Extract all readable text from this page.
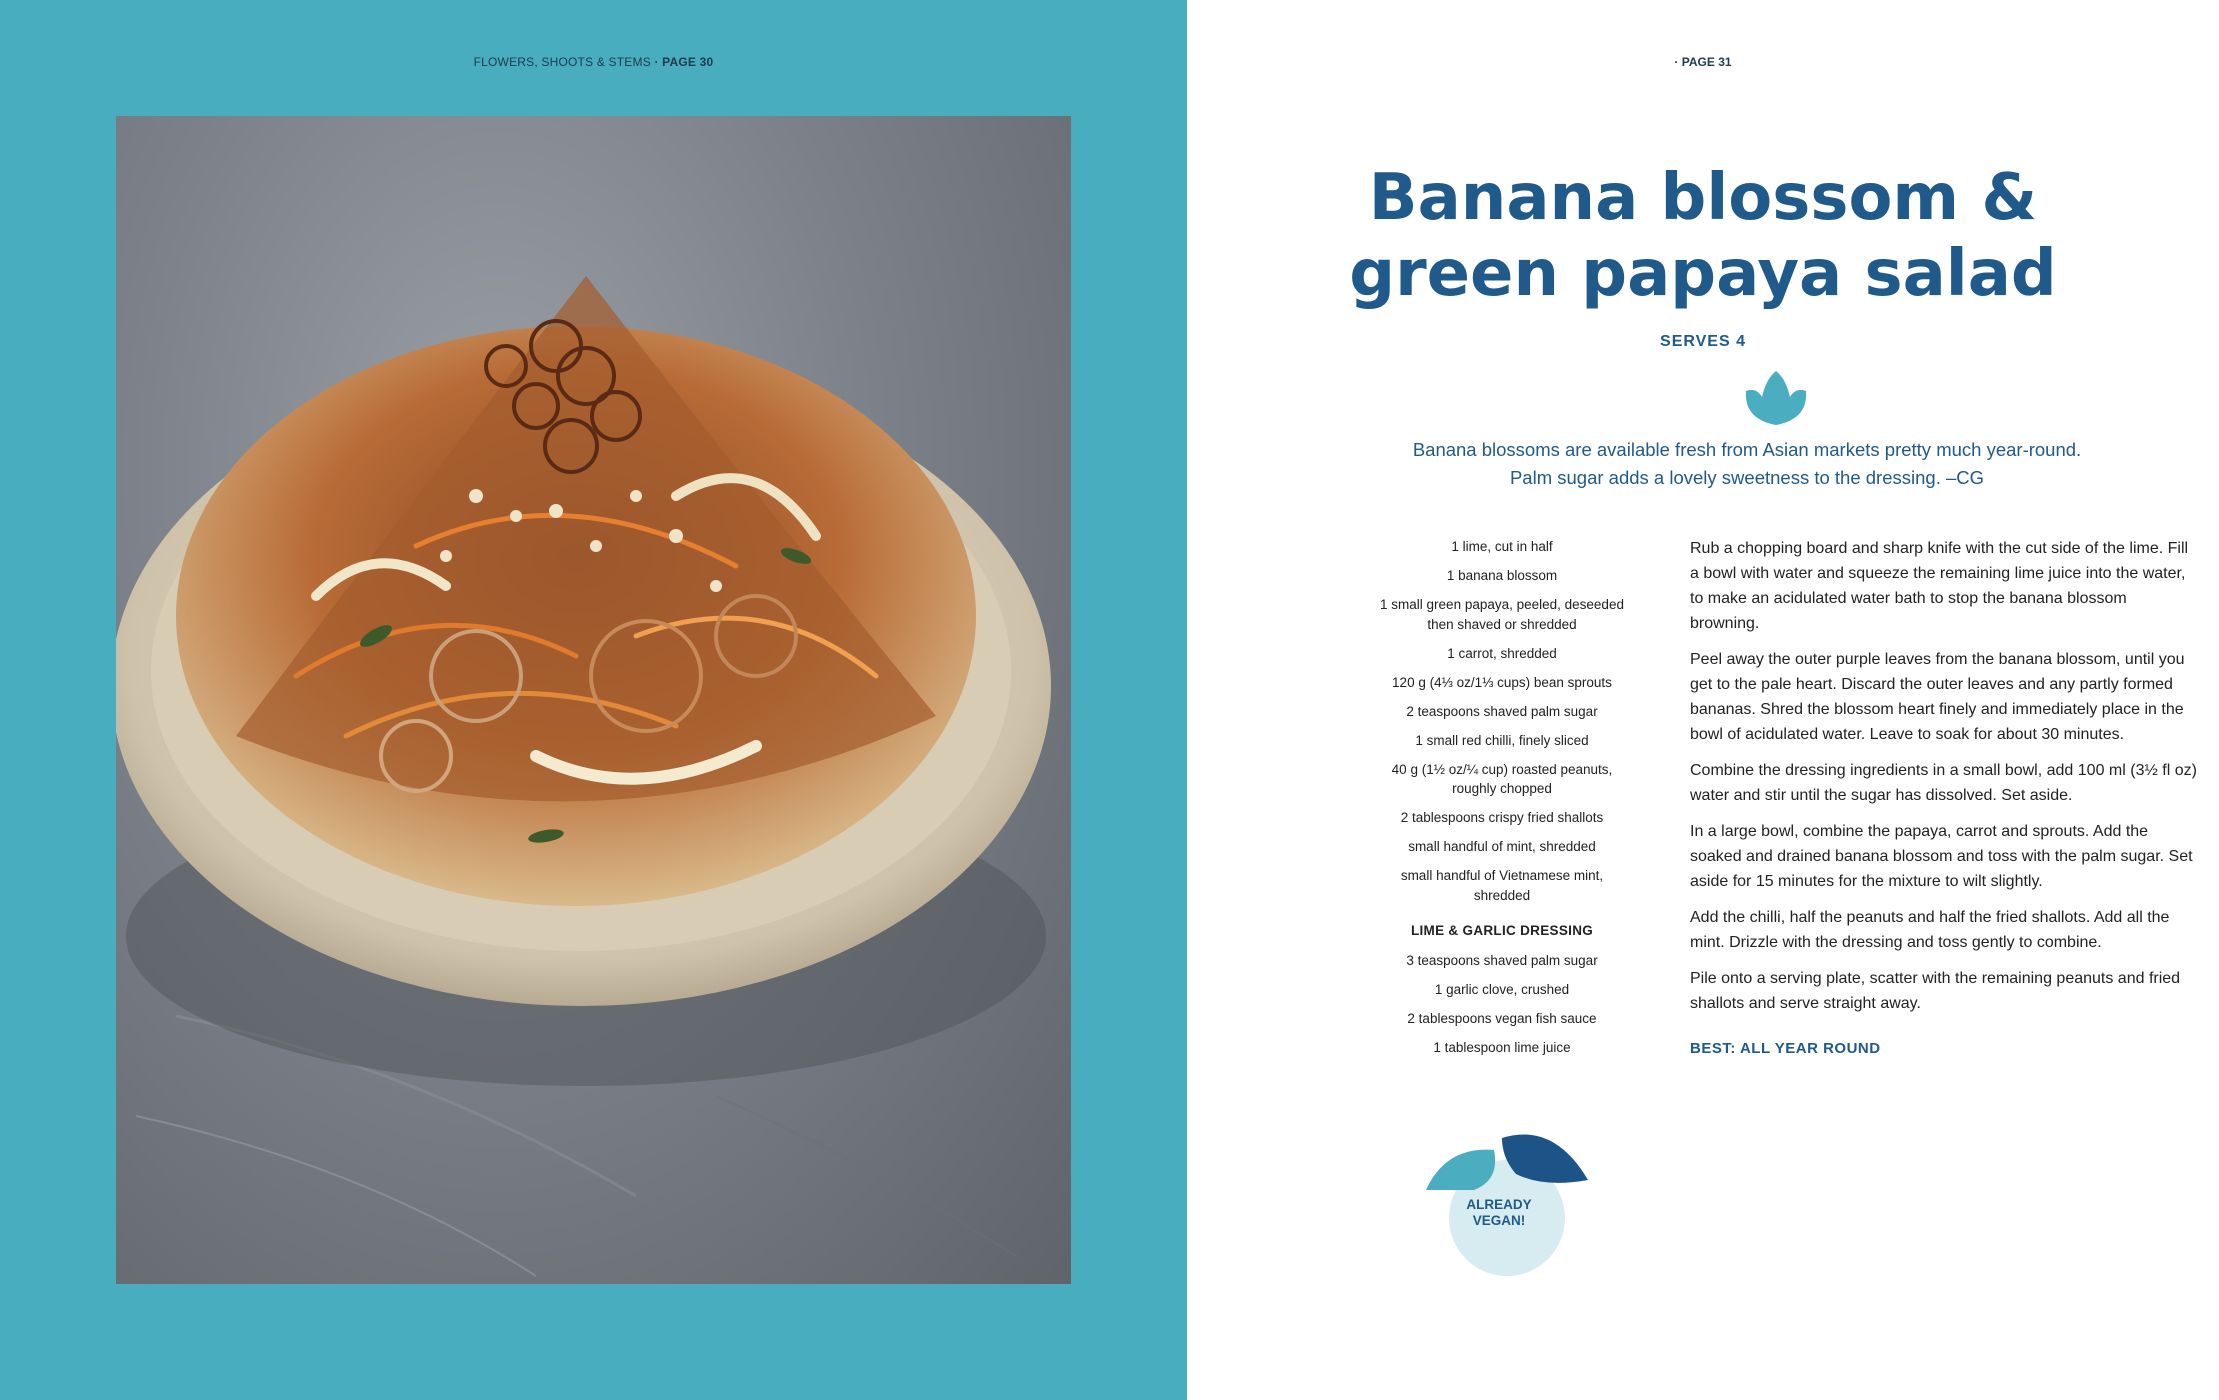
FLOWERS, SHOOTS & STEMS · PAGE 30	· PAGE 31
Banana blossom &
green papaya salad
SERVES 4
Banana blossoms are available fresh from Asian markets pretty much year-round.
Palm sugar adds a lovely sweetness to the dressing. –CG
1 lime, cut in half
1 banana blossom
1 small green papaya, peeled, deseeded then shaved or shredded
1 carrot, shredded
120 g (4⅓ oz/1⅓ cups) bean sprouts
2 teaspoons shaved palm sugar
1 small red chilli, finely sliced
40 g (1½ oz/¼ cup) roasted peanuts, roughly chopped
2 tablespoons crispy fried shallots
small handful of mint, shredded
small handful of Vietnamese mint, shredded
LIME & GARLIC DRESSING
3 teaspoons shaved palm sugar
1 garlic clove, crushed
2 tablespoons vegan fish sauce
1 tablespoon lime juice

Rub a chopping board and sharp knife with the cut side of the lime. Fill a bowl with water and squeeze the remaining lime juice into the water, to make an acidulated water bath to stop the banana blossom browning.

Peel away the outer purple leaves from the banana blossom, until you get to the pale heart. Discard the outer leaves and any partly formed bananas. Shred the blossom heart finely and immediately place in the bowl of acidulated water. Leave to soak for about 30 minutes.

Combine the dressing ingredients in a small bowl, add 100 ml (3½ fl oz) water and stir until the sugar has dissolved. Set aside.

In a large bowl, combine the papaya, carrot and sprouts. Add the soaked and drained banana blossom and toss with the palm sugar. Set aside for 15 minutes for the mixture to wilt slightly.

Add the chilli, half the peanuts and half the fried shallots. Add all the mint. Drizzle with the dressing and toss gently to combine.

Pile onto a serving plate, scatter with the remaining peanuts and fried shallots and serve straight away.

BEST: ALL YEAR ROUND
ALREADY
VEGAN!
